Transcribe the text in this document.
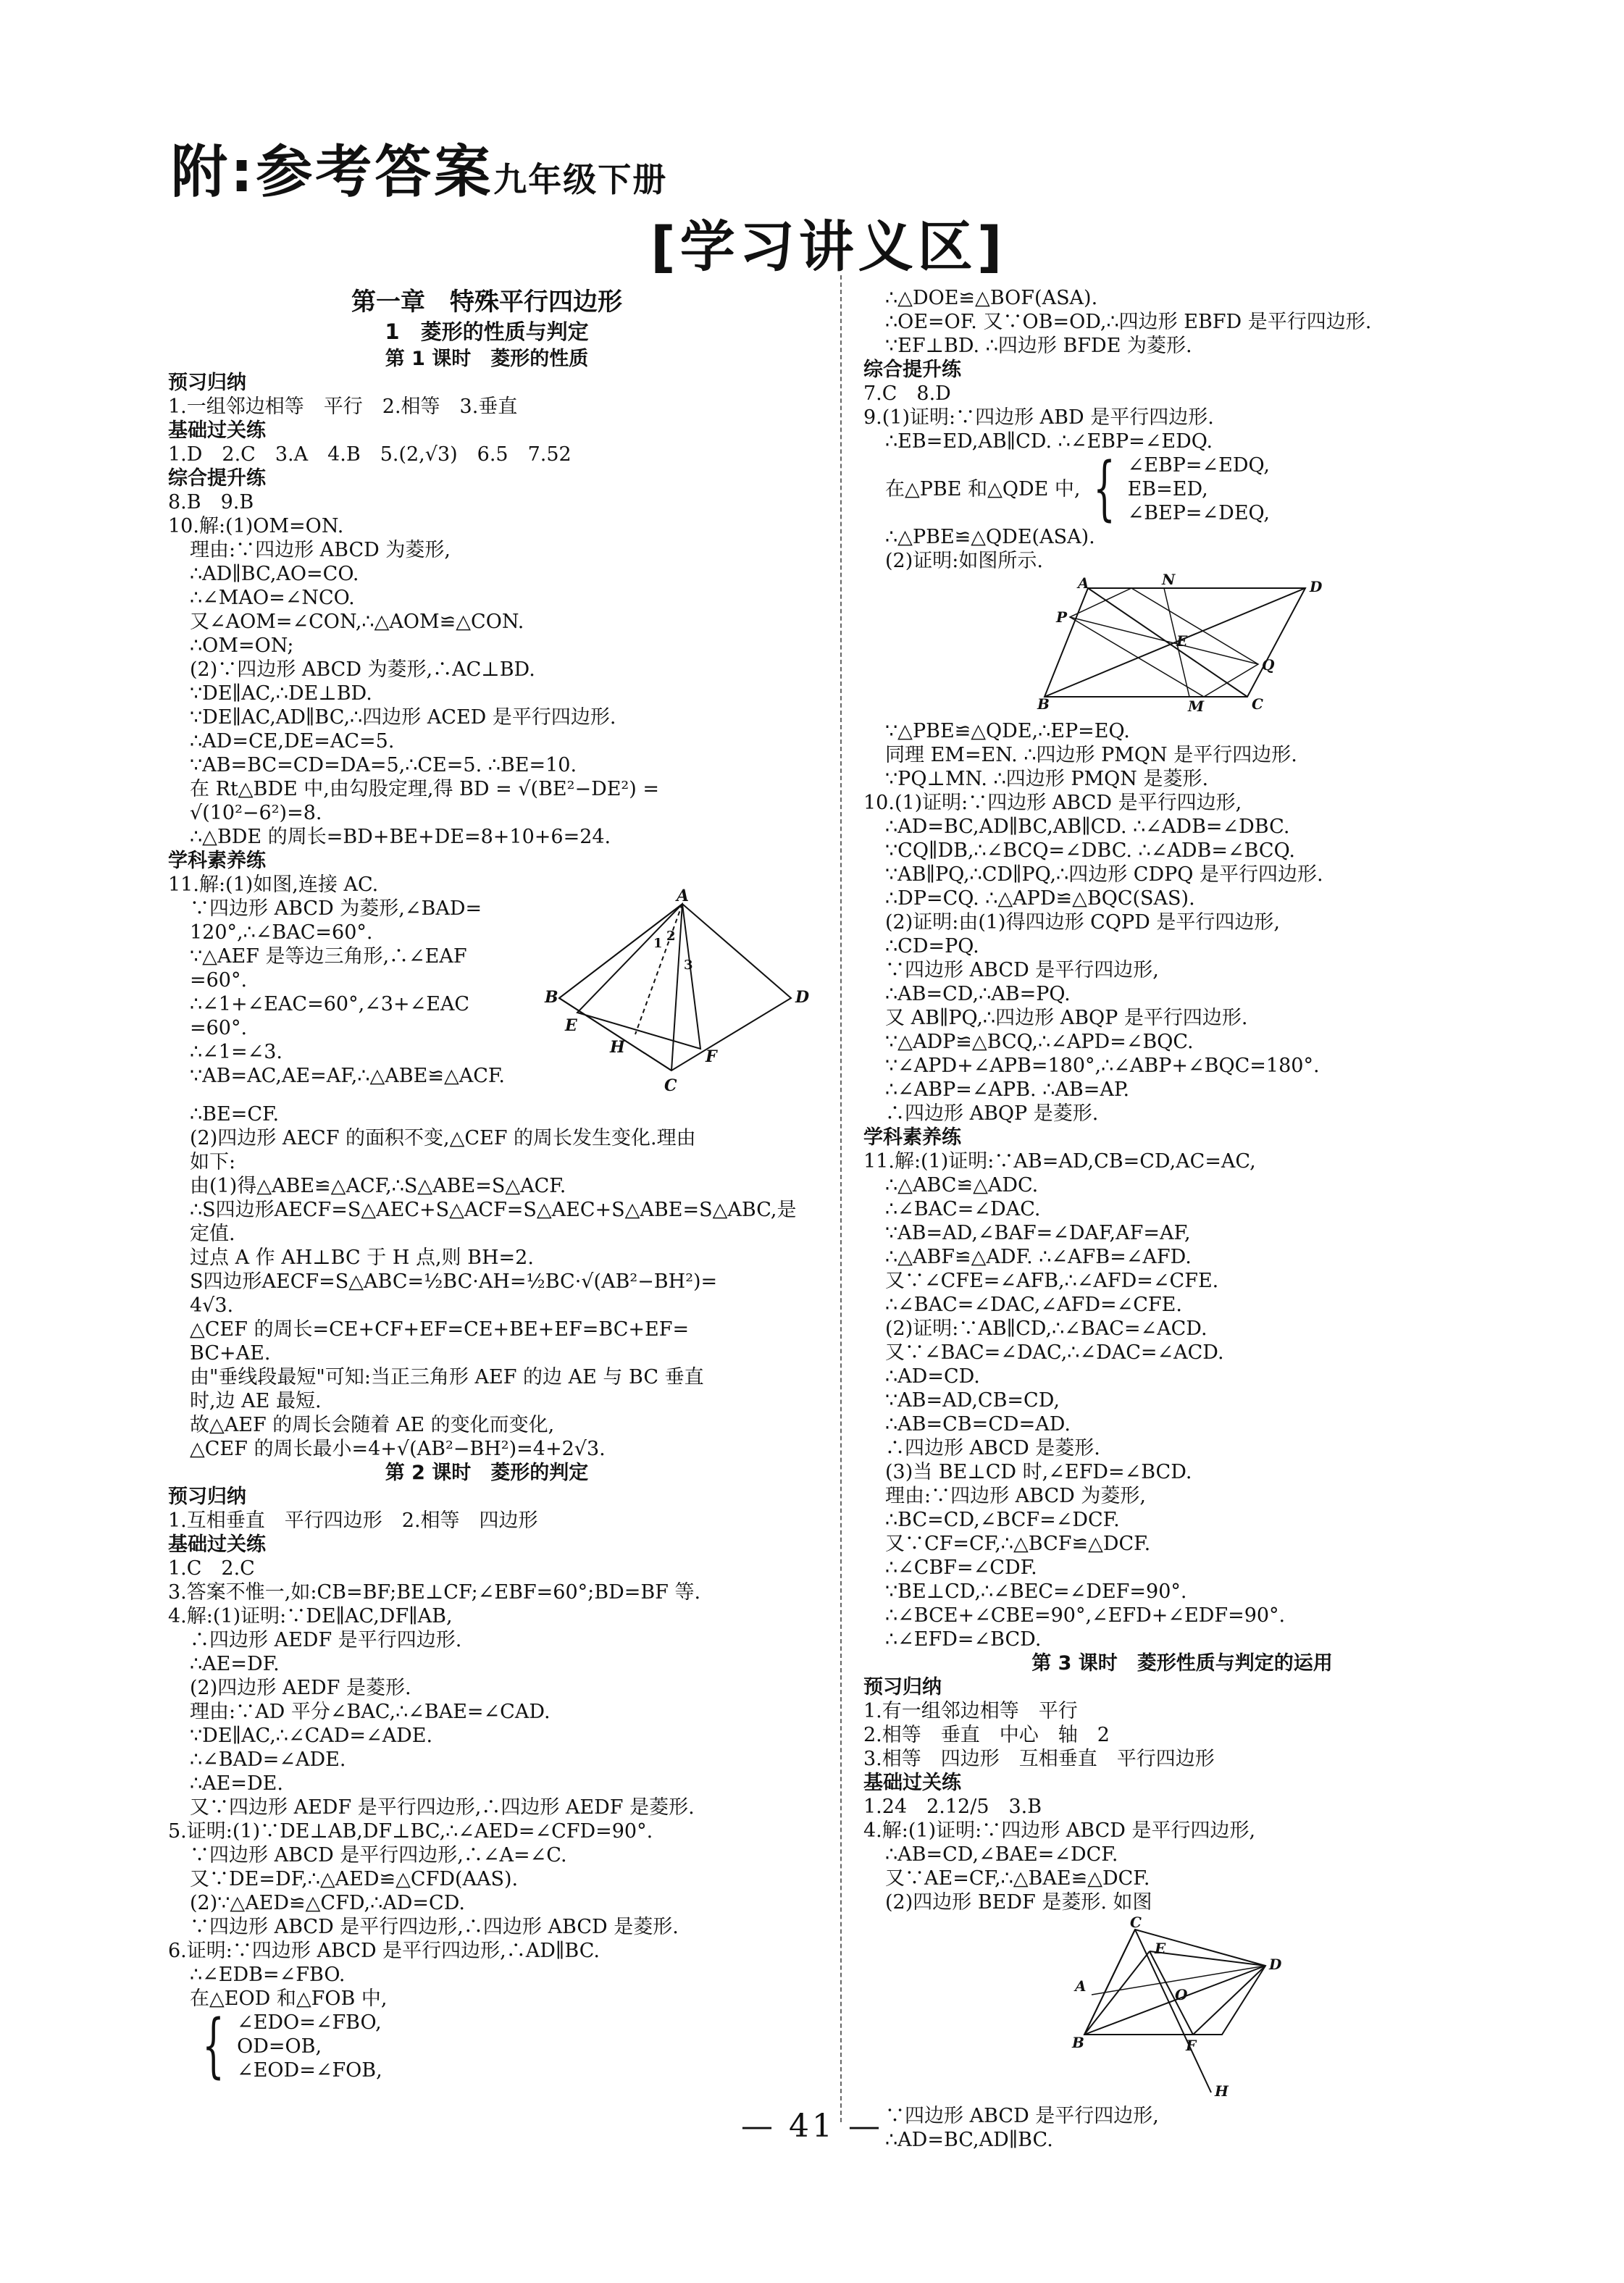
附:参考答案九年级下册
[学习讲义区]
第一章　特殊平行四边形
1　菱形的性质与判定
第 1 课时　菱形的性质
预习归纳
1.一组邻边相等　平行　2.相等　3.垂直
基础过关练
1.D　2.C　3.A　4.B　5.(2,√3)　6.5　7.52
综合提升练
8.B　9.B
10.解:(1)OM=ON.
理由:∵四边形 ABCD 为菱形,
∴AD∥BC,AO=CO.
∴∠MAO=∠NCO.
又∠AOM=∠CON,∴△AOM≌△CON.
∴OM=ON;
(2)∵四边形 ABCD 为菱形,∴AC⊥BD.
∵DE∥AC,∴DE⊥BD.
∵DE∥AC,AD∥BC,∴四边形 ACED 是平行四边形.
∴AD=CE,DE=AC=5.
∵AB=BC=CD=DA=5,∴CE=5. ∴BE=10.
在 Rt△BDE 中,由勾股定理,得 BD = √(BE²−DE²) =
√(10²−6²)=8.
∴△BDE 的周长=BD+BE+DE=8+10+6=24.
学科素养练
11.解:(1)如图,连接 AC.	A
B
C
D
E
F
H
1 2
3
∵四边形 ABCD 为菱形,∠BAD=
120°,∴∠BAC=60°.
∵△AEF 是等边三角形,∴∠EAF
=60°.
∴∠1+∠EAC=60°,∠3+∠EAC
=60°.
∴∠1=∠3.
∵AB=AC,AE=AF,∴△ABE≌△ACF.
∴BE=CF.
(2)四边形 AECF 的面积不变,△CEF 的周长发生变化.理由
如下:
由(1)得△ABE≌△ACF,∴S△ABE=S△ACF.
∴S四边形AECF=S△AEC+S△ACF=S△AEC+S△ABE=S△ABC,是
定值.
过点 A 作 AH⊥BC 于 H 点,则 BH=2.
S四边形AECF=S△ABC=½BC·AH=½BC·√(AB²−BH²)=
4√3.
△CEF 的周长=CE+CF+EF=CE+BE+EF=BC+EF=
BC+AE.
由"垂线段最短"可知:当正三角形 AEF 的边 AE 与 BC 垂直
时,边 AE 最短.
故△AEF 的周长会随着 AE 的变化而变化,
△CEF 的周长最小=4+√(AB²−BH²)=4+2√3.
第 2 课时　菱形的判定
预习归纳
1.互相垂直　平行四边形　2.相等　四边形
基础过关练
1.C　2.C
3.答案不惟一,如:CB=BF;BE⊥CF;∠EBF=60°;BD=BF 等.
4.解:(1)证明:∵DE∥AC,DF∥AB,
∴四边形 AEDF 是平行四边形.
∴AE=DF.
(2)四边形 AEDF 是菱形.
理由:∵AD 平分∠BAC,∴∠BAE=∠CAD.
∵DE∥AC,∴∠CAD=∠ADE.
∴∠BAD=∠ADE.
∴AE=DE.
又∵四边形 AEDF 是平行四边形,∴四边形 AEDF 是菱形.
5.证明:(1)∵DE⊥AB,DF⊥BC,∴∠AED=∠CFD=90°.
∵四边形 ABCD 是平行四边形,∴∠A=∠C.
又∵DE=DF,∴△AED≌△CFD(AAS).
(2)∵△AED≌△CFD,∴AD=CD.
∵四边形 ABCD 是平行四边形,∴四边形 ABCD 是菱形.
6.证明:∵四边形 ABCD 是平行四边形,∴AD∥BC.
∴∠EDB=∠FBO.
在△EOD 和△FOB 中,
{ ∠EDO=∠FBO,
OD=OB,
∠EOD=∠FOB,
∴△DOE≌△BOF(ASA).
∴OE=OF. 又∵OB=OD,∴四边形 EBFD 是平行四边形.
∵EF⊥BD. ∴四边形 BFDE 为菱形.
综合提升练
7.C　8.D
9.(1)证明:∵四边形 ABD 是平行四边形.
∴EB=ED,AB∥CD. ∴∠EBP=∠EDQ.
在△PBE 和△QDE 中, { ∠EBP=∠EDQ,
EB=ED,
∠BEP=∠DEQ,
∴△PBE≌△QDE(ASA).
(2)证明:如图所示.
A	N	D
P
E
Q
B	M	C
∵△PBE≌△QDE,∴EP=EQ.
同理 EM=EN. ∴四边形 PMQN 是平行四边形.
∵PQ⊥MN. ∴四边形 PMQN 是菱形.
10.(1)证明:∵四边形 ABCD 是平行四边形,
∴AD=BC,AD∥BC,AB∥CD. ∴∠ADB=∠DBC.
∵CQ∥DB,∴∠BCQ=∠DBC. ∴∠ADB=∠BCQ.
∵AB∥PQ,∴CD∥PQ,∴四边形 CDPQ 是平行四边形.
∴DP=CQ. ∴△APD≌△BQC(SAS).
(2)证明:由(1)得四边形 CQPD 是平行四边形,
∴CD=PQ.
∵四边形 ABCD 是平行四边形,
∴AB=CD,∴AB=PQ.
又 AB∥PQ,∴四边形 ABQP 是平行四边形.
∵△ADP≌△BCQ,∴∠APD=∠BQC.
∵∠APD+∠APB=180°,∴∠ABP+∠BQC=180°.
∴∠ABP=∠APB. ∴AB=AP.
∴四边形 ABQP 是菱形.
学科素养练
11.解:(1)证明:∵AB=AD,CB=CD,AC=AC,
∴△ABC≌△ADC.
∴∠BAC=∠DAC.
∵AB=AD,∠BAF=∠DAF,AF=AF,
∴△ABF≌△ADF. ∴∠AFB=∠AFD.
又∵∠CFE=∠AFB,∴∠AFD=∠CFE.
∴∠BAC=∠DAC,∠AFD=∠CFE.
(2)证明:∵AB∥CD,∴∠BAC=∠ACD.
又∵∠BAC=∠DAC,∴∠DAC=∠ACD.
∴AD=CD.
∵AB=AD,CB=CD,
∴AB=CB=CD=AD.
∴四边形 ABCD 是菱形.
(3)当 BE⊥CD 时,∠EFD=∠BCD.
理由:∵四边形 ABCD 为菱形,
∴BC=CD,∠BCF=∠DCF.
又∵CF=CF,∴△BCF≌△DCF.
∴∠CBF=∠CDF.
∵BE⊥CD,∴∠BEC=∠DEF=90°.
∴∠BCE+∠CBE=90°,∠EFD+∠EDF=90°.
∴∠EFD=∠BCD.
第 3 课时　菱形性质与判定的运用
预习归纳
1.有一组邻边相等　平行
2.相等　垂直　中心　轴　2
3.相等　四边形　互相垂直　平行四边形
基础过关练
1.24　2.12/5　3.B
4.解:(1)证明:∵四边形 ABCD 是平行四边形,
∴AB=CD,∠BAE=∠DCF.
又∵AE=CF,∴△BAE≌△DCF.
(2)四边形 BEDF 是菱形. 如图
C
E
D
O
A
B	F
H
∵四边形 ABCD 是平行四边形,
∴AD=BC,AD∥BC.
— 41 —
